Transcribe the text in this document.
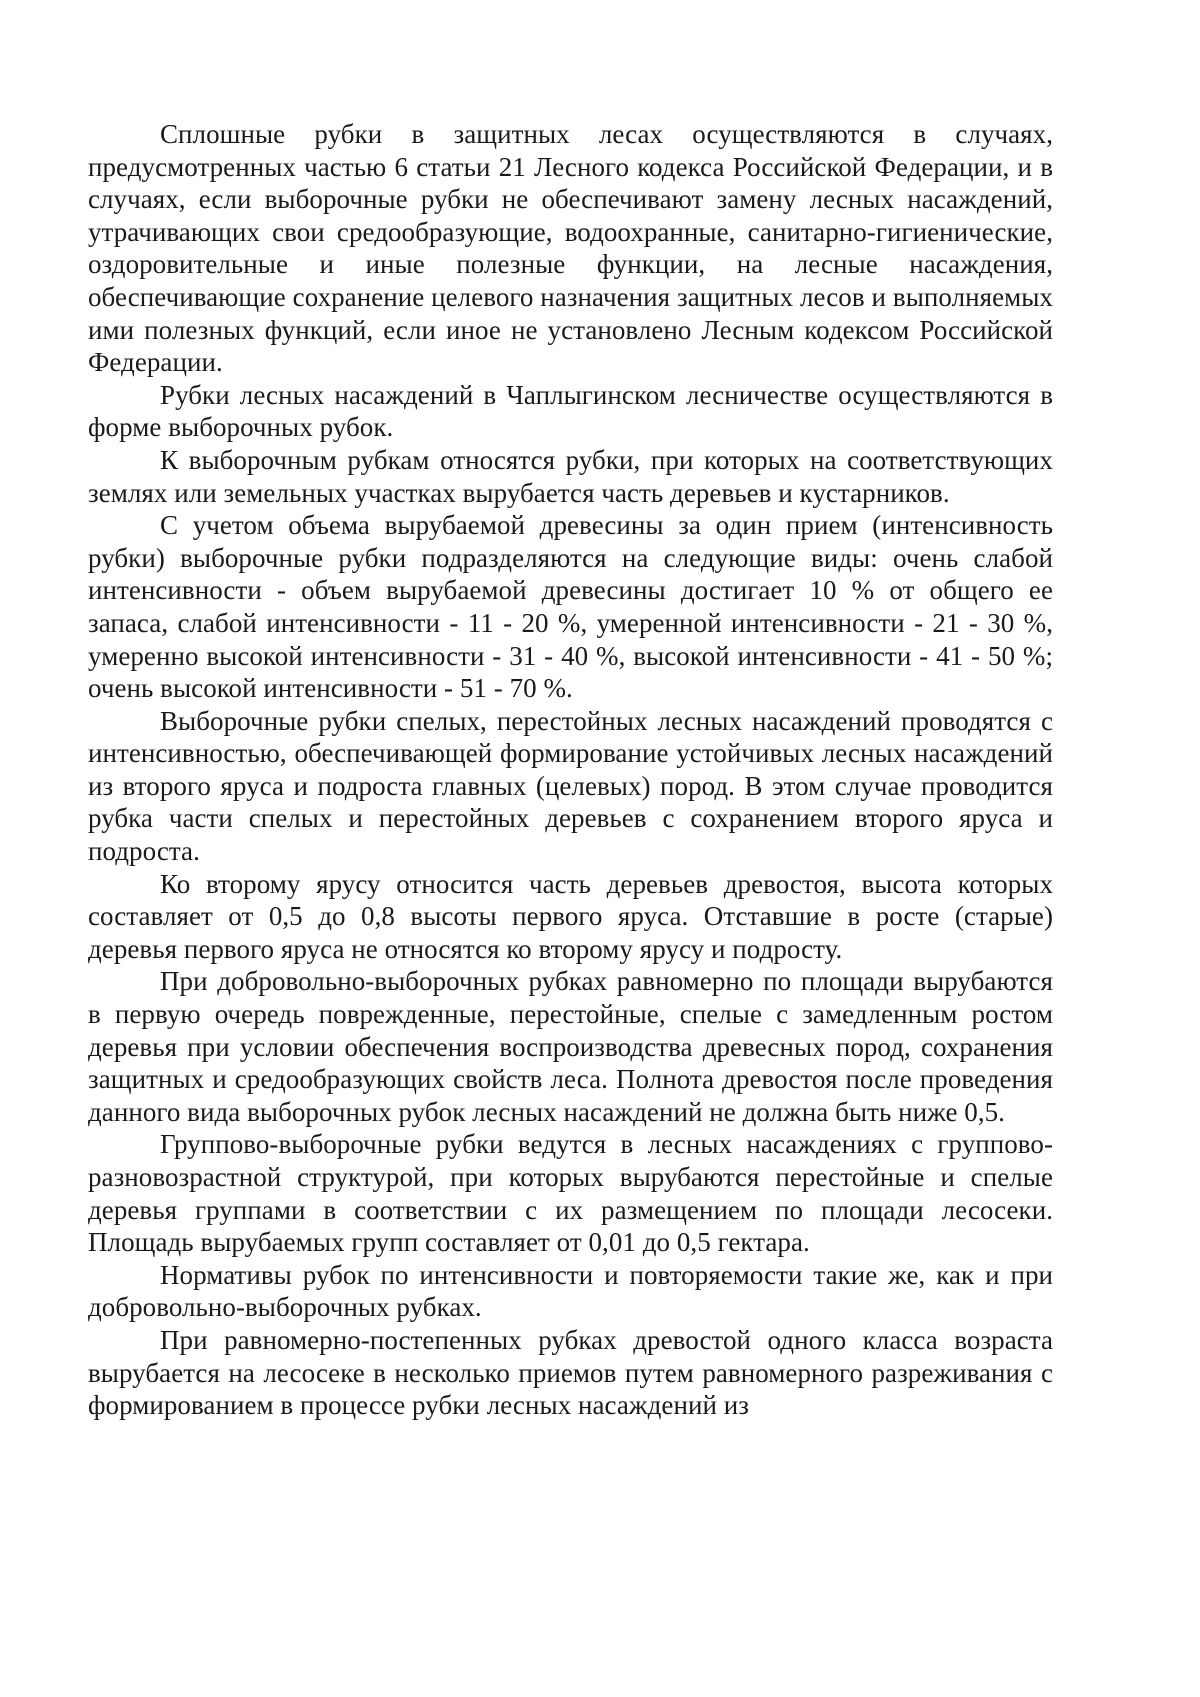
Сплошные рубки в защитных лесах осуществляются в случаях, предусмотренных частью 6 статьи 21 Лесного кодекса Российской Федерации, и в случаях, если выборочные рубки не обеспечивают замену лесных насаждений, утрачивающих свои средообразующие, водоохранные, санитарно-гигиенические, оздоровительные и иные полезные функции, на лесные насаждения, обеспечивающие сохранение целевого назначения защитных лесов и выполняемых ими полезных функций, если иное не установлено Лесным кодексом Российской Федерации.

Рубки лесных насаждений в Чаплыгинском лесничестве осуществляются в форме выборочных рубок.

К выборочным рубкам относятся рубки, при которых на соответствующих землях или земельных участках вырубается часть деревьев и кустарников.

С учетом объема вырубаемой древесины за один прием (интенсивность рубки) выборочные рубки подразделяются на следующие виды: очень слабой интенсивности - объем вырубаемой древесины достигает 10 % от общего ее запаса, слабой интенсивности - 11 - 20 %, умеренной интенсивности - 21 - 30 %, умеренно высокой интенсивности - 31 - 40 %, высокой интенсивности - 41 - 50 %; очень высокой интенсивности - 51 - 70 %.

Выборочные рубки спелых, перестойных лесных насаждений проводятся с интенсивностью, обеспечивающей формирование устойчивых лесных насаждений из второго яруса и подроста главных (целевых) пород. В этом случае проводится рубка части спелых и перестойных деревьев с сохранением второго яруса и подроста.

Ко второму ярусу относится часть деревьев древостоя, высота которых составляет от 0,5 до 0,8 высоты первого яруса. Отставшие в росте (старые) деревья первого яруса не относятся ко второму ярусу и подросту.

При добровольно-выборочных рубках равномерно по площади вырубаются в первую очередь поврежденные, перестойные, спелые с замедленным ростом деревья при условии обеспечения воспроизводства древесных пород, сохранения защитных и средообразующих свойств леса. Полнота древостоя после проведения данного вида выборочных рубок лесных насаждений не должна быть ниже 0,5.

Группово-выборочные рубки ведутся в лесных насаждениях с группово-разновозрастной структурой, при которых вырубаются перестойные и спелые деревья группами в соответствии с их размещением по площади лесосеки. Площадь вырубаемых групп составляет от 0,01 до 0,5 гектара.

Нормативы рубок по интенсивности и повторяемости такие же, как и при добровольно-выборочных рубках.

При равномерно-постепенных рубках древостой одного класса возраста вырубается на лесосеке в несколько приемов путем равномерного разреживания с формированием в процессе рубки лесных насаждений из
